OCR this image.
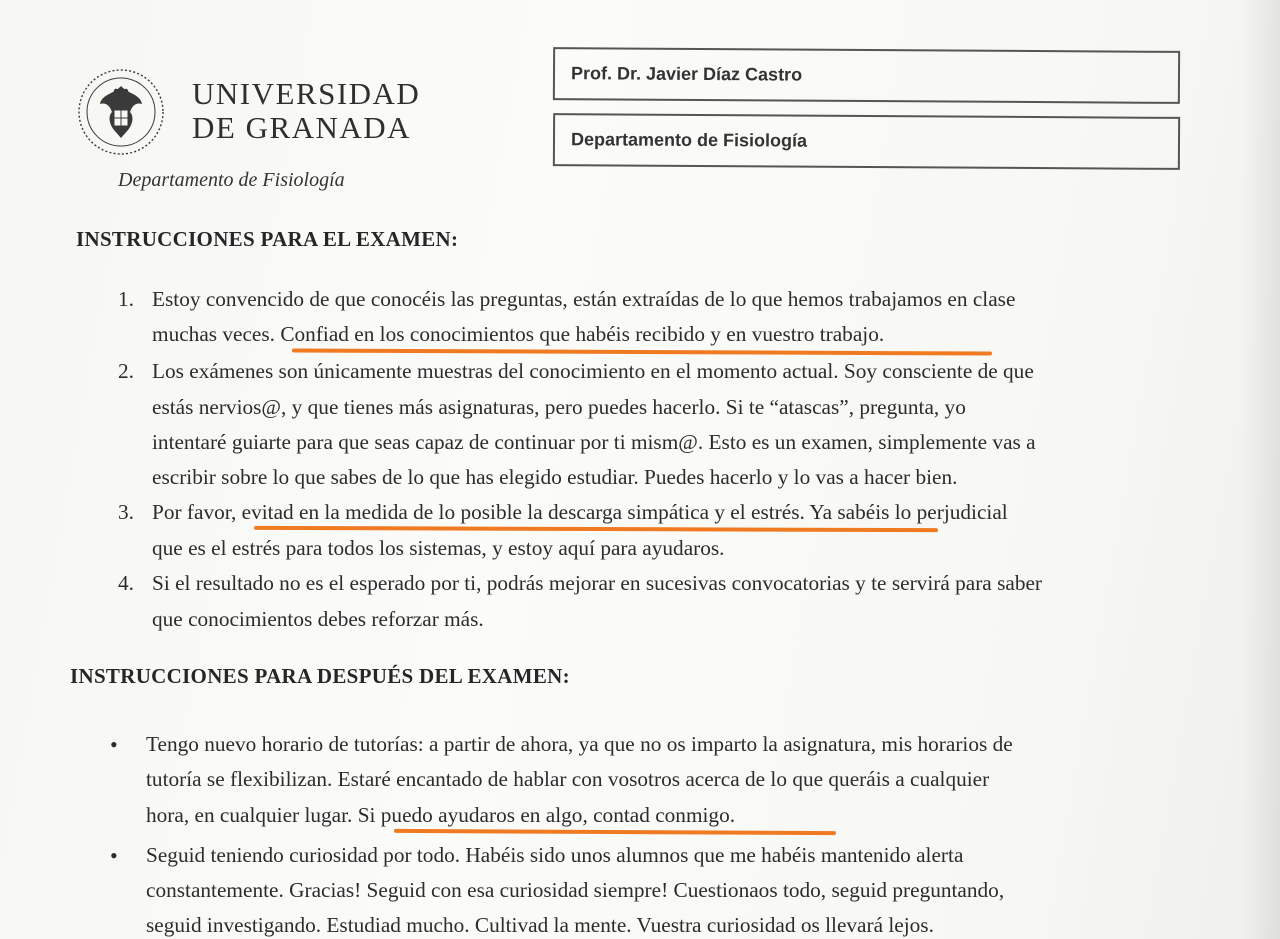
UNIVERSIDAD
DE GRANADA
Departamento de Fisiología
Prof. Dr. Javier Díaz Castro
Departamento de Fisiología
INSTRUCCIONES PARA EL EXAMEN:
1. Estoy convencido de que conocéis las preguntas, están extraídas de lo que hemos trabajamos en clase
muchas veces. Confiad en los conocimientos que habéis recibido y en vuestro trabajo.
2. Los exámenes son únicamente muestras del conocimiento en el momento actual. Soy consciente de que
estás nervios@, y que tienes más asignaturas, pero puedes hacerlo. Si te “atascas”, pregunta, yo
intentaré guiarte para que seas capaz de continuar por ti mism@. Esto es un examen, simplemente vas a
escribir sobre lo que sabes de lo que has elegido estudiar. Puedes hacerlo y lo vas a hacer bien.
3. Por favor, evitad en la medida de lo posible la descarga simpática y el estrés. Ya sabéis lo perjudicial
que es el estrés para todos los sistemas, y estoy aquí para ayudaros.
4. Si el resultado no es el esperado por ti, podrás mejorar en sucesivas convocatorias y te servirá para saber
que conocimientos debes reforzar más.
INSTRUCCIONES PARA DESPUÉS DEL EXAMEN:
• Tengo nuevo horario de tutorías: a partir de ahora, ya que no os imparto la asignatura, mis horarios de
tutoría se flexibilizan. Estaré encantado de hablar con vosotros acerca de lo que queráis a cualquier
hora, en cualquier lugar. Si puedo ayudaros en algo, contad conmigo.
• Seguid teniendo curiosidad por todo. Habéis sido unos alumnos que me habéis mantenido alerta
constantemente. Gracias! Seguid con esa curiosidad siempre! Cuestionaos todo, seguid preguntando,
seguid investigando. Estudiad mucho. Cultivad la mente. Vuestra curiosidad os llevará lejos.
